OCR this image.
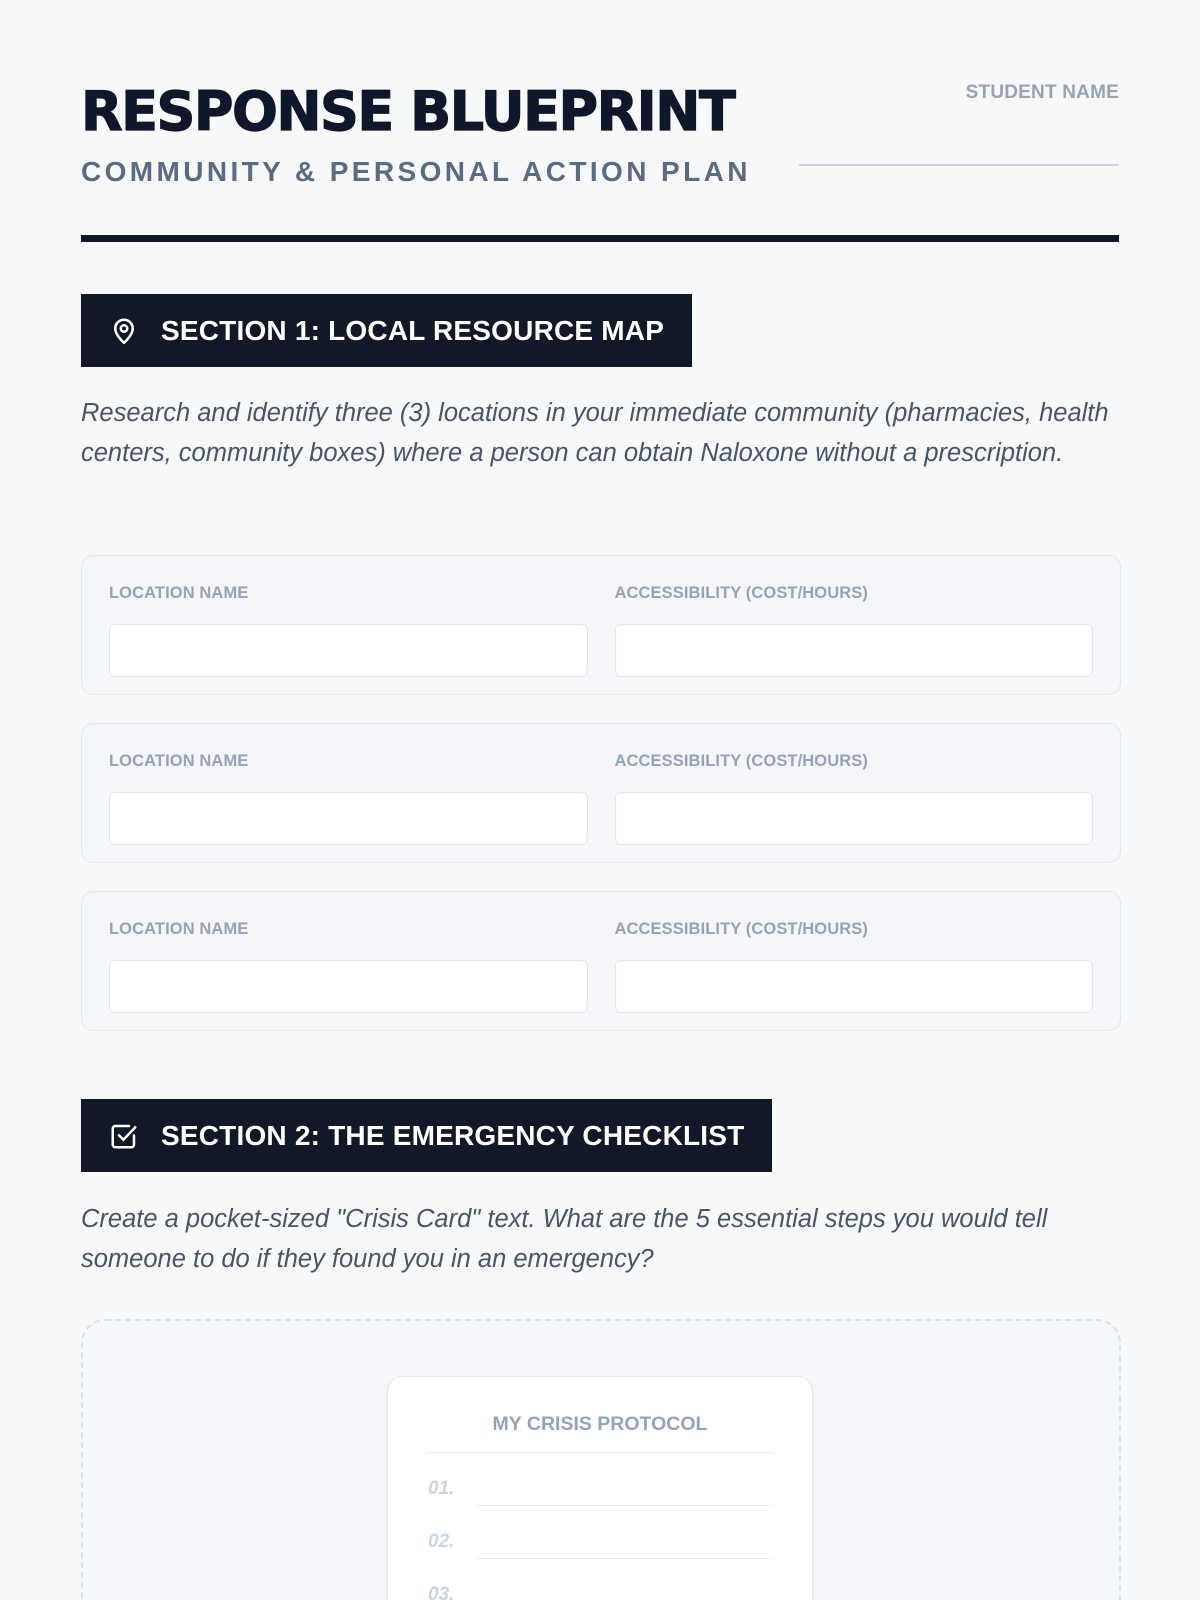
RESPONSE BLUEPRINT
COMMUNITY & PERSONAL ACTION PLAN
STUDENT NAME
SECTION 1: LOCAL RESOURCE MAP
Research and identify three (3) locations in your immediate community (pharmacies, health centers, community boxes) where a person can obtain Naloxone without a prescription.
LOCATION NAME	ACCESSIBILITY (COST/HOURS)
LOCATION NAME	ACCESSIBILITY (COST/HOURS)
LOCATION NAME	ACCESSIBILITY (COST/HOURS)
SECTION 2: THE EMERGENCY CHECKLIST
Create a pocket-sized "Crisis Card" text. What are the 5 essential steps you would tell someone to do if they found you in an emergency?
MY CRISIS PROTOCOL
01.
02.
03.
